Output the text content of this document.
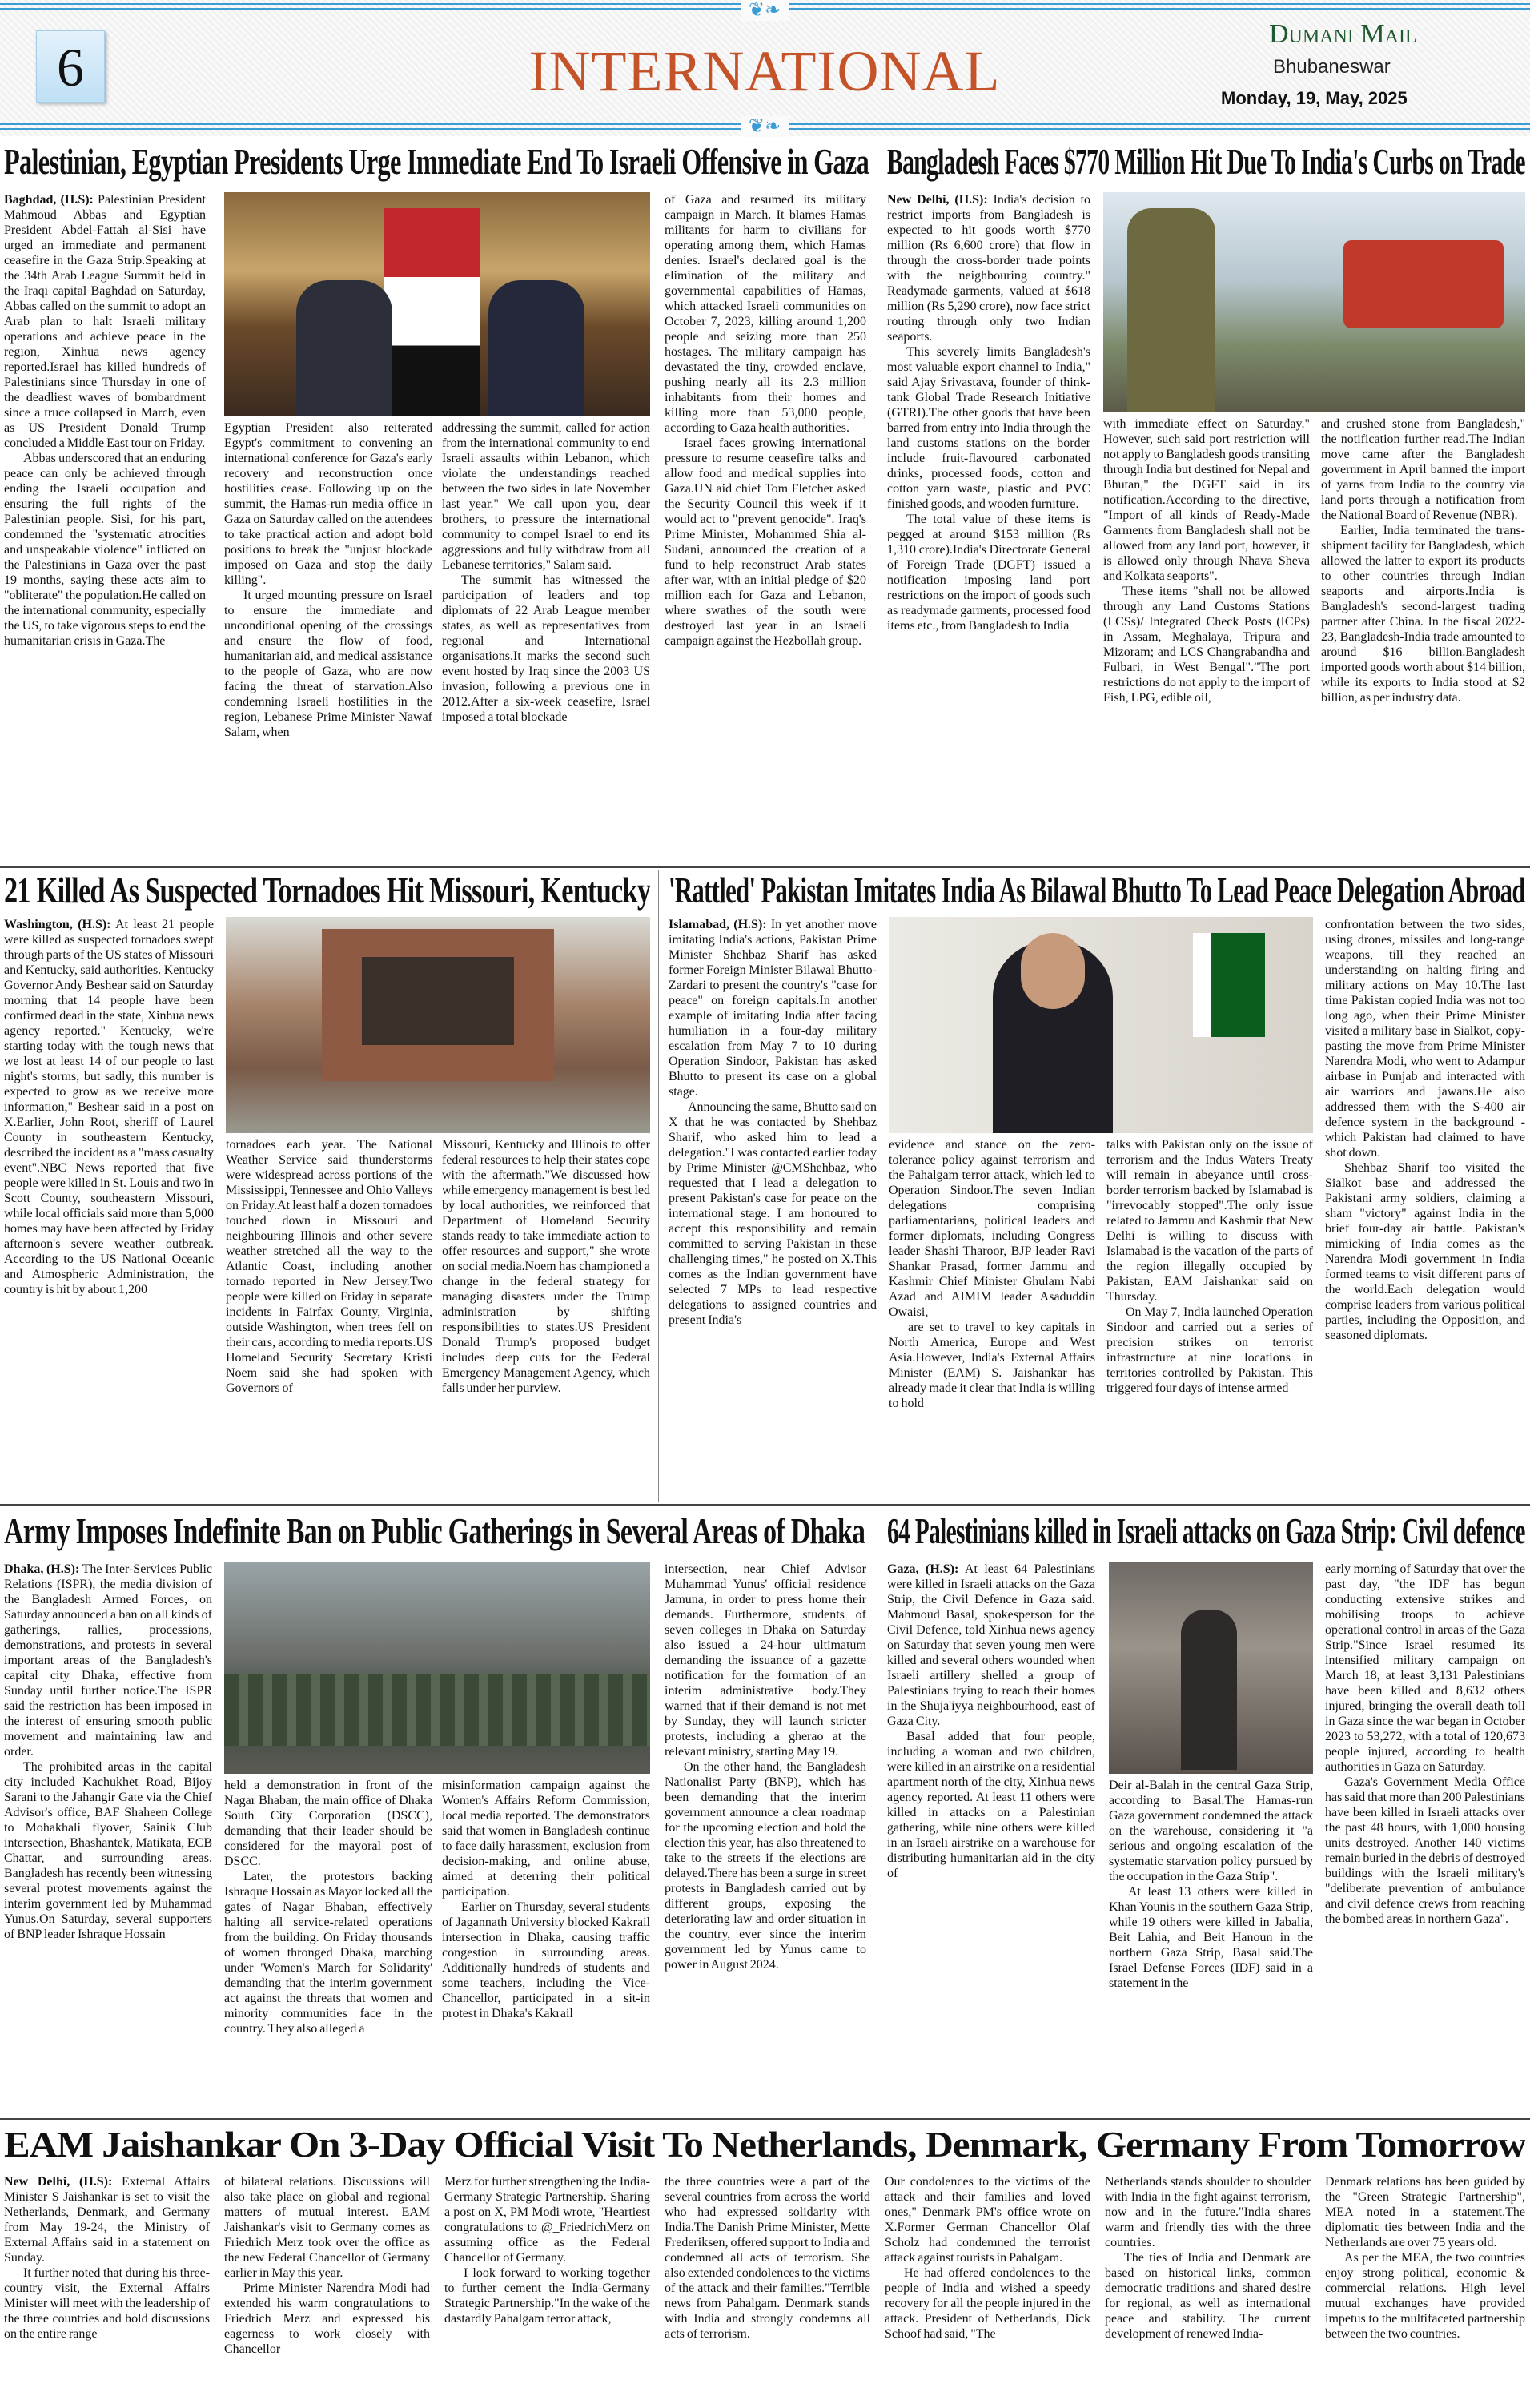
❦❧
6	INTERNATIONAL
Dumani Mail
Bhubaneswar
Monday, 19, May, 2025
❦❧
Palestinian, Egyptian Presidents Urge Immediate End To Israeli Offensive in Gaza

Baghdad, (H.S): Palestinian President Mahmoud Abbas and Egyptian President Abdel-Fattah al-Sisi have urged an immediate and permanent ceasefire in the Gaza Strip.Speaking at the 34th Arab League Summit held in the Iraqi capital Baghdad on Saturday, Abbas called on the summit to adopt an Arab plan to halt Israeli military operations and achieve peace in the region, Xinhua news agency reported.Israel has killed hundreds of Palestinians since Thursday in one of the deadliest waves of bombardment since a truce collapsed in March, even as US President Donald Trump concluded a Middle East tour on Friday.

Abbas underscored that an enduring peace can only be achieved through ending the Israeli occupation and ensuring the full rights of the Palestinian people. Sisi, for his part, condemned the "systematic atrocities and unspeakable violence" inflicted on the Palestinians in Gaza over the past 19 months, saying these acts aim to "obliterate" the population.He called on the international community, especially the US, to take vigorous steps to end the humanitarian crisis in Gaza.The

Egyptian President also reiterated Egypt's commitment to convening an international conference for Gaza's early recovery and reconstruction once hostilities cease. Following up on the summit, the Hamas-run media office in Gaza on Saturday called on the attendees to take practical action and adopt bold positions to break the "unjust blockade imposed on Gaza and stop the daily killing".

It urged mounting pressure on Israel to ensure the immediate and unconditional opening of the crossings and ensure the flow of food, humanitarian aid, and medical assistance to the people of Gaza, who are now facing the threat of starvation.Also condemning Israeli hostilities in the region, Lebanese Prime Minister Nawaf Salam, when

addressing the summit, called for action from the international community to end Israeli assaults within Lebanon, which violate the understandings reached between the two sides in late November last year." We call upon you, dear brothers, to pressure the international community to compel Israel to end its aggressions and fully withdraw from all Lebanese territories," Salam said.

The summit has witnessed the participation of leaders and top diplomats of 22 Arab League member states, as well as representatives from regional and International organisations.It marks the second such event hosted by Iraq since the 2003 US invasion, following a previous one in 2012.After a six-week ceasefire, Israel imposed a total blockade

of Gaza and resumed its military campaign in March. It blames Hamas militants for harm to civilians for operating among them, which Hamas denies. Israel's declared goal is the elimination of the military and governmental capabilities of Hamas, which attacked Israeli communities on October 7, 2023, killing around 1,200 people and seizing more than 250 hostages. The military campaign has devastated the tiny, crowded enclave, pushing nearly all its 2.3 million inhabitants from their homes and killing more than 53,000 people, according to Gaza health authorities.

Israel faces growing international pressure to resume ceasefire talks and allow food and medical supplies into Gaza.UN aid chief Tom Fletcher asked the Security Council this week if it would act to "prevent genocide". Iraq's Prime Minister, Mohammed Shia al-Sudani, announced the creation of a fund to help reconstruct Arab states after war, with an initial pledge of $20 million each for Gaza and Lebanon, where swathes of the south were destroyed last year in an Israeli campaign against the Hezbollah group.

Bangladesh Faces $770 Million Hit Due To India's Curbs on Trade

New Delhi, (H.S): India's decision to restrict imports from Bangladesh is expected to hit goods worth $770 million (Rs 6,600 crore) that flow in through the cross-border trade points with the neighbouring country." Readymade garments, valued at $618 million (Rs 5,290 crore), now face strict routing through only two Indian seaports.

This severely limits Bangladesh's most valuable export channel to India," said Ajay Srivastava, founder of think-tank Global Trade Research Initiative (GTRI).The other goods that have been barred from entry into India through the land customs stations on the border include fruit-flavoured carbonated drinks, processed foods, cotton and cotton yarn waste, plastic and PVC finished goods, and wooden furniture.

The total value of these items is pegged at around $153 million (Rs 1,310 crore).India's Directorate General of Foreign Trade (DGFT) issued a notification imposing land port restrictions on the import of goods such as readymade garments, processed food items etc., from Bangladesh to India

with immediate effect on Saturday." However, such said port restriction will not apply to Bangladesh goods transiting through India but destined for Nepal and Bhutan," the DGFT said in its notification.According to the directive, "Import of all kinds of Ready-Made Garments from Bangladesh shall not be allowed from any land port, however, it is allowed only through Nhava Sheva and Kolkata seaports".

These items "shall not be allowed through any Land Customs Stations (LCSs)/ Integrated Check Posts (ICPs) in Assam, Meghalaya, Tripura and Mizoram; and LCS Changrabandha and Fulbari, in West Bengal"."The port restrictions do not apply to the import of Fish, LPG, edible oil,

and crushed stone from Bangladesh," the notification further read.The Indian move came after the Bangladesh government in April banned the import of yarns from India to the country via land ports through a notification from the National Board of Revenue (NBR).

Earlier, India terminated the trans-shipment facility for Bangladesh, which allowed the latter to export its products to other countries through Indian seaports and airports.India is Bangladesh's second-largest trading partner after China. In the fiscal 2022-23, Bangladesh-India trade amounted to around $16 billion.Bangladesh imported goods worth about $14 billion, while its exports to India stood at $2 billion, as per industry data.

21 Killed As Suspected Tornadoes Hit Missouri, Kentucky

Washington, (H.S): At least 21 people were killed as suspected tornadoes swept through parts of the US states of Missouri and Kentucky, said authorities. Kentucky Governor Andy Beshear said on Saturday morning that 14 people have been confirmed dead in the state, Xinhua news agency reported." Kentucky, we're starting today with the tough news that we lost at least 14 of our people to last night's storms, but sadly, this number is expected to grow as we receive more information," Beshear said in a post on X.Earlier, John Root, sheriff of Laurel County in southeastern Kentucky, described the incident as a "mass casualty event".NBC News reported that five people were killed in St. Louis and two in Scott County, southeastern Missouri, while local officials said more than 5,000 homes may have been affected by Friday afternoon's severe weather outbreak. According to the US National Oceanic and Atmospheric Administration, the country is hit by about 1,200

tornadoes each year. The National Weather Service said thunderstorms were widespread across portions of the Mississippi, Tennessee and Ohio Valleys on Friday.At least half a dozen tornadoes touched down in Missouri and neighbouring Illinois and other severe weather stretched all the way to the Atlantic Coast, including another tornado reported in New Jersey.Two people were killed on Friday in separate incidents in Fairfax County, Virginia, outside Washington, when trees fell on their cars, according to media reports.US Homeland Security Secretary Kristi Noem said she had spoken with Governors of

Missouri, Kentucky and Illinois to offer federal resources to help their states cope with the aftermath."We discussed how while emergency management is best led by local authorities, we reinforced that Department of Homeland Security stands ready to take immediate action to offer resources and support," she wrote on social media.Noem has championed a change in the federal strategy for managing disasters under the Trump administration by shifting responsibilities to states.US President Donald Trump's proposed budget includes deep cuts for the Federal Emergency Management Agency, which falls under her purview.

'Rattled' Pakistan Imitates India As Bilawal Bhutto To Lead Peace Delegation Abroad

Islamabad, (H.S): In yet another move imitating India's actions, Pakistan Prime Minister Shehbaz Sharif has asked former Foreign Minister Bilawal Bhutto-Zardari to present the country's "case for peace" on foreign capitals.In another example of imitating India after facing humiliation in a four-day military escalation from May 7 to 10 during Operation Sindoor, Pakistan has asked Bhutto to present its case on a global stage.

Announcing the same, Bhutto said on X that he was contacted by Shehbaz Sharif, who asked him to lead a delegation."I was contacted earlier today by Prime Minister @CMShehbaz, who requested that I lead a delegation to present Pakistan's case for peace on the international stage. I am honoured to accept this responsibility and remain committed to serving Pakistan in these challenging times," he posted on X.This comes as the Indian government have selected 7 MPs to lead respective delegations to assigned countries and present India's

evidence and stance on the zero-tolerance policy against terrorism and the Pahalgam terror attack, which led to Operation Sindoor.The seven Indian delegations comprising parliamentarians, political leaders and former diplomats, including Congress leader Shashi Tharoor, BJP leader Ravi Shankar Prasad, former Jammu and Kashmir Chief Minister Ghulam Nabi Azad and AIMIM leader Asaduddin Owaisi,

are set to travel to key capitals in North America, Europe and West Asia.However, India's External Affairs Minister (EAM) S. Jaishankar has already made it clear that India is willing to hold

talks with Pakistan only on the issue of terrorism and the Indus Waters Treaty will remain in abeyance until cross-border terrorism backed by Islamabad is "irrevocably stopped".The only issue related to Jammu and Kashmir that New Delhi is willing to discuss with Islamabad is the vacation of the parts of the region illegally occupied by Pakistan, EAM Jaishankar said on Thursday.

On May 7, India launched Operation Sindoor and carried out a series of precision strikes on terrorist infrastructure at nine locations in territories controlled by Pakistan. This triggered four days of intense armed

confrontation between the two sides, using drones, missiles and long-range weapons, till they reached an understanding on halting firing and military actions on May 10.The last time Pakistan copied India was not too long ago, when their Prime Minister visited a military base in Sialkot, copy-pasting the move from Prime Minister Narendra Modi, who went to Adampur airbase in Punjab and interacted with air warriors and jawans.He also addressed them with the S-400 air defence system in the background - which Pakistan had claimed to have shot down.

Shehbaz Sharif too visited the Sialkot base and addressed the Pakistani army soldiers, claiming a sham "victory" against India in the brief four-day air battle. Pakistan's mimicking of India comes as the Narendra Modi government in India formed teams to visit different parts of the world.Each delegation would comprise leaders from various political parties, including the Opposition, and seasoned diplomats.

Army Imposes Indefinite Ban on Public Gatherings in Several Areas of Dhaka

Dhaka, (H.S): The Inter-Services Public Relations (ISPR), the media division of the Bangladesh Armed Forces, on Saturday announced a ban on all kinds of gatherings, rallies, processions, demonstrations, and protests in several important areas of the Bangladesh's capital city Dhaka, effective from Sunday until further notice.The ISPR said the restriction has been imposed in the interest of ensuring smooth public movement and maintaining law and order.

The prohibited areas in the capital city included Kachukhet Road, Bijoy Sarani to the Jahangir Gate via the Chief Advisor's office, BAF Shaheen College to Mohakhali flyover, Sainik Club intersection, Bhashantek, Matikata, ECB Chattar, and surrounding areas. Bangladesh has recently been witnessing several protest movements against the interim government led by Muhammad Yunus.On Saturday, several supporters of BNP leader Ishraque Hossain

held a demonstration in front of the Nagar Bhaban, the main office of Dhaka South City Corporation (DSCC), demanding that their leader should be considered for the mayoral post of DSCC.

Later, the protestors backing Ishraque Hossain as Mayor locked all the gates of Nagar Bhaban, effectively halting all service-related operations from the building. On Friday thousands of women thronged Dhaka, marching under 'Women's March for Solidarity' demanding that the interim government act against the threats that women and minority communities face in the country. They also alleged a

misinformation campaign against the Women's Affairs Reform Commission, local media reported. The demonstrators said that women in Bangladesh continue to face daily harassment, exclusion from decision-making, and online abuse, aimed at deterring their political participation.

Earlier on Thursday, several students of Jagannath University blocked Kakrail intersection in Dhaka, causing traffic congestion in surrounding areas. Additionally hundreds of students and some teachers, including the Vice-Chancellor, participated in a sit-in protest in Dhaka's Kakrail

intersection, near Chief Advisor Muhammad Yunus' official residence Jamuna, in order to press home their demands. Furthermore, students of seven colleges in Dhaka on Saturday also issued a 24-hour ultimatum demanding the issuance of a gazette notification for the formation of an interim administrative body.They warned that if their demand is not met by Sunday, they will launch stricter protests, including a gherao at the relevant ministry, starting May 19.

On the other hand, the Bangladesh Nationalist Party (BNP), which has been demanding that the interim government announce a clear roadmap for the upcoming election and hold the election this year, has also threatened to take to the streets if the elections are delayed.There has been a surge in street protests in Bangladesh carried out by different groups, exposing the deteriorating law and order situation in the country, ever since the interim government led by Yunus came to power in August 2024.

64 Palestinians killed in Israeli attacks on Gaza Strip: Civil defence

Gaza, (H.S): At least 64 Palestinians were killed in Israeli attacks on the Gaza Strip, the Civil Defence in Gaza said. Mahmoud Basal, spokesperson for the Civil Defence, told Xinhua news agency on Saturday that seven young men were killed and several others wounded when Israeli artillery shelled a group of Palestinians trying to reach their homes in the Shuja'iyya neighbourhood, east of Gaza City.

Basal added that four people, including a woman and two children, were killed in an airstrike on a residential apartment north of the city, Xinhua news agency reported. At least 11 others were killed in attacks on a Palestinian gathering, while nine others were killed in an Israeli airstrike on a warehouse for distributing humanitarian aid in the city of

Deir al-Balah in the central Gaza Strip, according to Basal.The Hamas-run Gaza government condemned the attack on the warehouse, considering it "a serious and ongoing escalation of the systematic starvation policy pursued by the occupation in the Gaza Strip".

At least 13 others were killed in Khan Younis in the southern Gaza Strip, while 19 others were killed in Jabalia, Beit Lahia, and Beit Hanoun in the northern Gaza Strip, Basal said.The Israel Defense Forces (IDF) said in a statement in the

early morning of Saturday that over the past day, "the IDF has begun conducting extensive strikes and mobilising troops to achieve operational control in areas of the Gaza Strip."Since Israel resumed its intensified military campaign on March 18, at least 3,131 Palestinians have been killed and 8,632 others injured, bringing the overall death toll in Gaza since the war began in October 2023 to 53,272, with a total of 120,673 people injured, according to health authorities in Gaza on Saturday.

Gaza's Government Media Office has said that more than 200 Palestinians have been killed in Israeli attacks over the past 48 hours, with 1,000 housing units destroyed. Another 140 victims remain buried in the debris of destroyed buildings with the Israeli military's "deliberate prevention of ambulance and civil defence crews from reaching the bombed areas in northern Gaza".

EAM Jaishankar On 3-Day Official Visit To Netherlands, Denmark, Germany From Tomorrow

New Delhi, (H.S): External Affairs Minister S Jaishankar is set to visit the Netherlands, Denmark, and Germany from May 19-24, the Ministry of External Affairs said in a statement on Sunday.

It further noted that during his three-country visit, the External Affairs Minister will meet with the leadership of the three countries and hold discussions on the entire range

of bilateral relations. Discussions will also take place on global and regional matters of mutual interest. EAM Jaishankar's visit to Germany comes as Friedrich Merz took over the office as the new Federal Chancellor of Germany earlier in May this year.

Prime Minister Narendra Modi had extended his warm congratulations to Friedrich Merz and expressed his eagerness to work closely with Chancellor

Merz for further strengthening the India-Germany Strategic Partnership. Sharing a post on X, PM Modi wrote, "Heartiest congratulations to @_FriedrichMerz on assuming office as the Federal Chancellor of Germany.

I look forward to working together to further cement the India-Germany Strategic Partnership."In the wake of the dastardly Pahalgam terror attack,

the three countries were a part of the several countries from across the world who had expressed solidarity with India.The Danish Prime Minister, Mette Frederiksen, offered support to India and condemned all acts of terrorism. She also extended condolences to the victims of the attack and their families."Terrible news from Pahalgam. Denmark stands with India and strongly condemns all acts of terrorism.

Our condolences to the victims of the attack and their families and loved ones," Denmark PM's office wrote on X.Former German Chancellor Olaf Scholz had condemned the terrorist attack against tourists in Pahalgam.

He had offered condolences to the people of India and wished a speedy recovery for all the people injured in the attack. President of Netherlands, Dick Schoof had said, "The

Netherlands stands shoulder to shoulder with India in the fight against terrorism, now and in the future."India shares warm and friendly ties with the three countries.

The ties of India and Denmark are based on historical links, common democratic traditions and shared desire for regional, as well as international peace and stability. The current development of renewed India-

Denmark relations has been guided by the "Green Strategic Partnership", MEA noted in a statement.The diplomatic ties between India and the Netherlands are over 75 years old.

As per the MEA, the two countries enjoy strong political, economic & commercial relations. High level mutual exchanges have provided impetus to the multifaceted partnership between the two countries.
